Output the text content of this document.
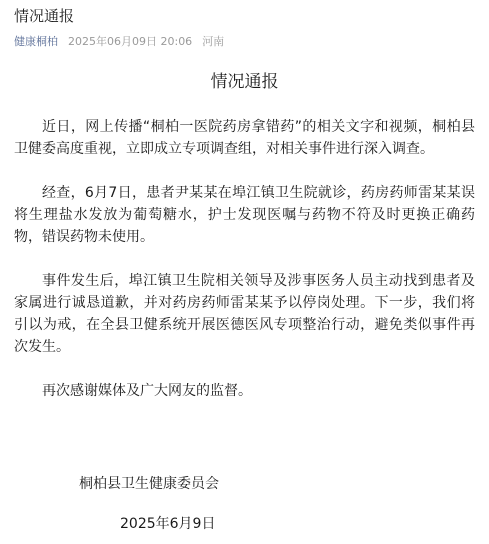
情况通报
健康桐柏 2025年06月09日 20:06 河南
情况通报

近日，网上传播“桐柏一医院药房拿错药”的相关文字和视频，桐柏县卫健委高度重视，立即成立专项调查组，对相关事件进行深入调查。

经查，6月7日，患者尹某某在埠江镇卫生院就诊，药房药师雷某某误将生理盐水发放为葡萄糖水，护士发现医嘱与药物不符及时更换正确药物，错误药物未使用。

事件发生后，埠江镇卫生院相关领导及涉事医务人员主动找到患者及家属进行诚恳道歉，并对药房药师雷某某予以停岗处理。下一步，我们将引以为戒，在全县卫健系统开展医德医风专项整治行动，避免类似事件再次发生。

再次感谢媒体及广大网友的监督。

桐柏县卫生健康委员会
2025年6月9日
